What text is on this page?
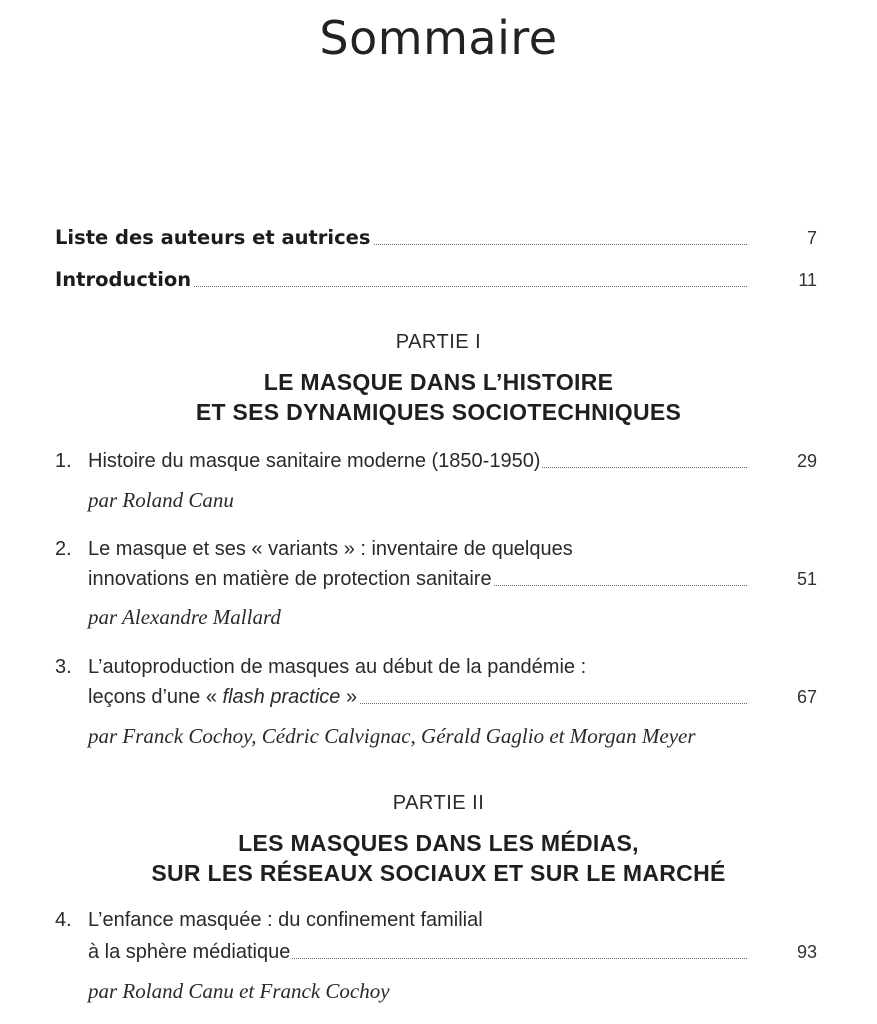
Sommaire
Liste des auteurs et autrices	7
Introduction	11
PARTIE I
LE MASQUE DANS L’HISTOIRE
ET SES DYNAMIQUES SOCIOTECHNIQUES
1. Histoire du masque sanitaire moderne (1850-1950)	29
par Roland Canu
2. Le masque et ses « variants » : inventaire de quelques
innovations en matière de protection sanitaire	51
par Alexandre Mallard
3. L’autoproduction de masques au début de la pandémie :
leçons d’une « flash practice »	67
par Franck Cochoy, Cédric Calvignac, Gérald Gaglio et Morgan Meyer
PARTIE II
LES MASQUES DANS LES MÉDIAS,
SUR LES RÉSEAUX SOCIAUX ET SUR LE MARCHÉ
4. L’enfance masquée : du confinement familial
à la sphère médiatique	93
par Roland Canu et Franck Cochoy
